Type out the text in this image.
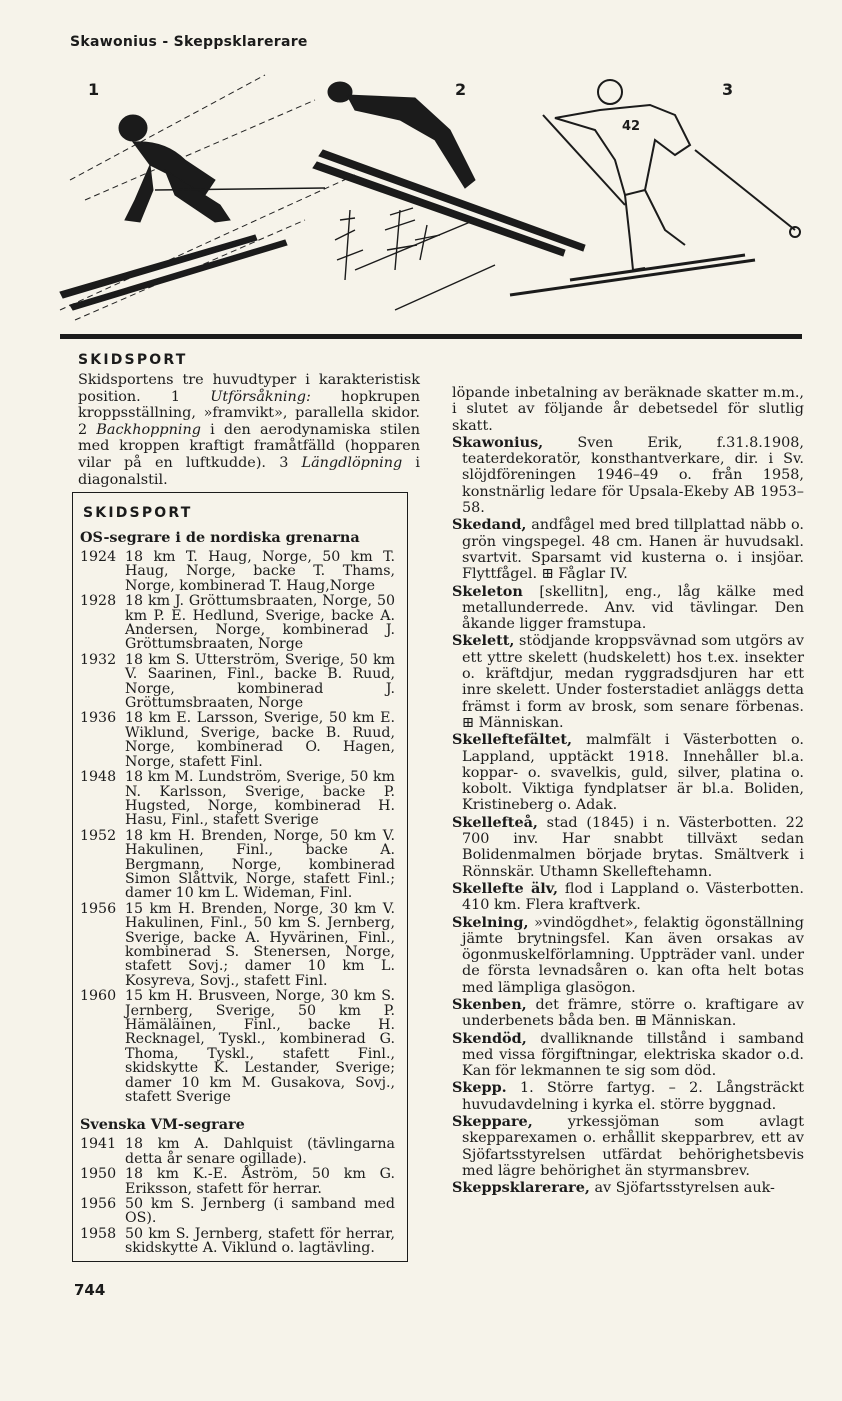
Skawonius - Skeppsklarerare
1	2	3
42
SKIDSPORT
Skidsportens tre huvudtyper i karakteristisk position. 1 Utförsåkning: hopkrupen kroppsställning, »framvikt», parallella skidor. 2 Backhoppning i den aerodynamiska stilen med kroppen kraftigt framåtfälld (hopparen vilar på en luftkudde). 3 Längdlöpning i diagonalstil.
SKIDSPORT
OS-segrare i de nordiska grenarna
1924 18 km T. Haug, Norge, 50 km T. Haug, Norge, backe T. Thams, Norge, kombinerad T. Haug,Norge
1928 18 km J. Gröttumsbraaten, Norge, 50 km P. E. Hedlund, Sverige, backe A. Andersen, Norge, kombinerad J. Gröttumsbraaten, Norge
1932 18 km S. Utterström, Sverige, 50 km V. Saarinen, Finl., backe B. Ruud, Norge, kombinerad J. Gröttumsbraaten, Norge
1936 18 km E. Larsson, Sverige, 50 km E. Wiklund, Sverige, backe B. Ruud, Norge, kombinerad O. Hagen, Norge, stafett Finl.
1948 18 km M. Lundström, Sverige, 50 km N. Karlsson, Sverige, backe P. Hugsted, Norge, kombinerad H. Hasu, Finl., stafett Sverige
1952 18 km H. Brenden, Norge, 50 km V. Hakulinen, Finl., backe A. Bergmann, Norge, kombinerad Simon Slåttvik, Norge, stafett Finl.; damer 10 km L. Wideman, Finl.
1956 15 km H. Brenden, Norge, 30 km V. Hakulinen, Finl., 50 km S. Jernberg, Sverige, backe A. Hyvärinen, Finl., kombinerad S. Stenersen, Norge, stafett Sovj.; damer 10 km L. Kosyreva, Sovj., stafett Finl.
1960 15 km H. Brusveen, Norge, 30 km S. Jernberg, Sverige, 50 km P. Hämäläinen, Finl., backe H. Recknagel, Tyskl., kombinerad G. Thoma, Tyskl., stafett Finl., skidskytte K. Lestander, Sverige; damer 10 km M. Gusakova, Sovj., stafett Sverige
Svenska VM-segrare
1941 18 km A. Dahlquist (tävlingarna detta år senare ogillade).
1950 18 km K.-E. Åström, 50 km G. Eriksson, stafett för herrar.
1956 50 km S. Jernberg (i samband med OS).
1958 50 km S. Jernberg, stafett för herrar, skidskytte A. Viklund o. lagtävling.
löpande inbetalning av beräknade skatter m.m., i slutet av följande år debetsedel för slutlig skatt.
Skawonius, Sven Erik, f.31.8.1908, teaterdekoratör, konsthantverkare, dir. i Sv. slöjdföreningen 1946–49 o. från 1958, konstnärlig ledare för Upsala-Ekeby AB 1953–58.
Skedand, andfågel med bred tillplattad näbb o. grön vingspegel. 48 cm. Hanen är huvudsakl. svartvit. Sparsamt vid kusterna o. i insjöar. Flyttfågel. ⊞ Fåglar IV.
Skeleton [skellitn], eng., låg kälke med metallunderrede. Anv. vid tävlingar. Den åkande ligger framstupa.
Skelett, stödjande kroppsvävnad som utgörs av ett yttre skelett (hudskelett) hos t.ex. insekter o. kräftdjur, medan ryggradsdjuren har ett inre skelett. Under fosterstadiet anläggs detta främst i form av brosk, som senare förbenas. ⊞ Människan.
Skelleftefältet, malmfält i Västerbotten o. Lappland, upptäckt 1918. Innehåller bl.a. koppar- o. svavelkis, guld, silver, platina o. kobolt. Viktiga fyndplatser är bl.a. Boliden, Kristineberg o. Adak.
Skellefteå, stad (1845) i n. Västerbotten. 22 700 inv. Har snabbt tillväxt sedan Bolidenmalmen började brytas. Smältverk i Rönnskär. Uthamn Skelleftehamn.
Skellefte älv, flod i Lappland o. Västerbotten. 410 km. Flera kraftverk.
Skelning, »vindögdhet», felaktig ögonställning jämte brytningsfel. Kan även orsakas av ögonmuskelförlamning. Uppträder vanl. under de första levnadsåren o. kan ofta helt botas med lämpliga glasögon.
Skenben, det främre, större o. kraftigare av underbenets båda ben. ⊞ Människan.
Skendöd, dvalliknande tillstånd i samband med vissa förgiftningar, elektriska skador o.d. Kan för lekmannen te sig som död.
Skepp. 1. Större fartyg. – 2. Långsträckt huvudavdelning i kyrka el. större byggnad.
Skeppare, yrkessjöman som avlagt skepparexamen o. erhållit skepparbrev, ett av Sjöfartsstyrelsen utfärdat behörighetsbevis med lägre behörighet än styrmansbrev.
Skeppsklarerare, av Sjöfartsstyrelsen auk-
744
